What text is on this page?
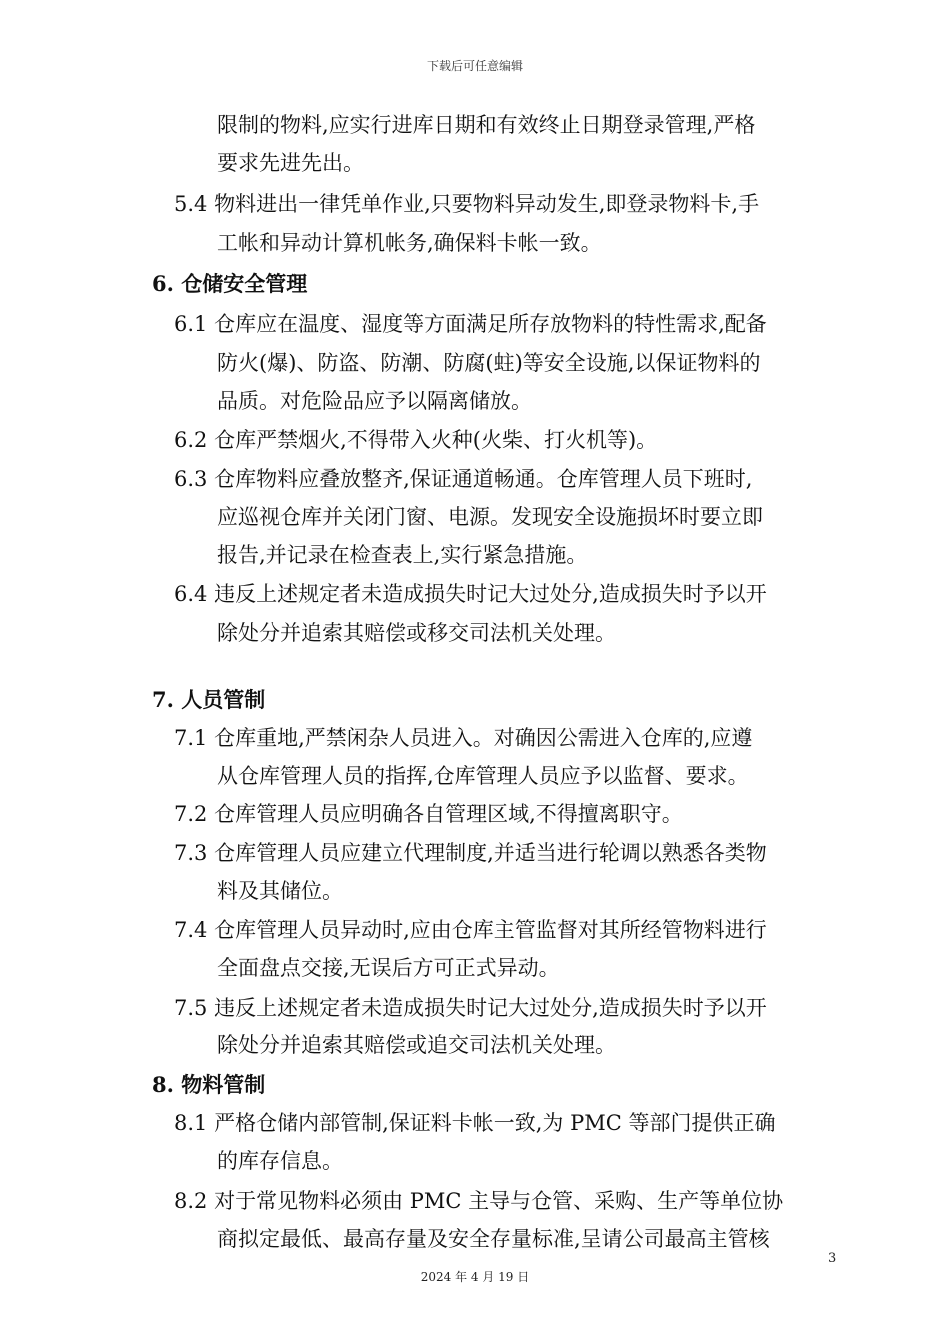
下载后可任意编辑
限制的物料,应实行进库日期和有效终止日期登录管理,严格
要求先进先出。
5.4 物料进出一律凭单作业,只要物料异动发生,即登录物料卡,手
工帐和异动计算机帐务,确保料卡帐一致。
6. 仓储安全管理
6.1 仓库应在温度、湿度等方面满足所存放物料的特性需求,配备
防火(爆)、防盗、防潮、防腐(蛀)等安全设施,以保证物料的
品质。对危险品应予以隔离储放。
6.2 仓库严禁烟火,不得带入火种(火柴、打火机等)。
6.3 仓库物料应叠放整齐,保证通道畅通。仓库管理人员下班时,
应巡视仓库并关闭门窗、电源。发现安全设施损坏时要立即
报告,并记录在检查表上,实行紧急措施。
6.4 违反上述规定者未造成损失时记大过处分,造成损失时予以开
除处分并追索其赔偿或移交司法机关处理。
7. 人员管制
7.1 仓库重地,严禁闲杂人员进入。对确因公需进入仓库的,应遵
从仓库管理人员的指挥,仓库管理人员应予以监督、要求。
7.2 仓库管理人员应明确各自管理区域,不得擅离职守。
7.3 仓库管理人员应建立代理制度,并适当进行轮调以熟悉各类物
料及其储位。
7.4 仓库管理人员异动时,应由仓库主管监督对其所经管物料进行
全面盘点交接,无误后方可正式异动。
7.5 违反上述规定者未造成损失时记大过处分,造成损失时予以开
除处分并追索其赔偿或追交司法机关处理。
8. 物料管制
8.1 严格仓储内部管制,保证料卡帐一致,为 PMC 等部门提供正确
的库存信息。
8.2 对于常见物料必须由 PMC 主导与仓管、采购、生产等单位协
商拟定最低、最高存量及安全存量标准,呈请公司最高主管核
3
2024 年 4 月 19 日
